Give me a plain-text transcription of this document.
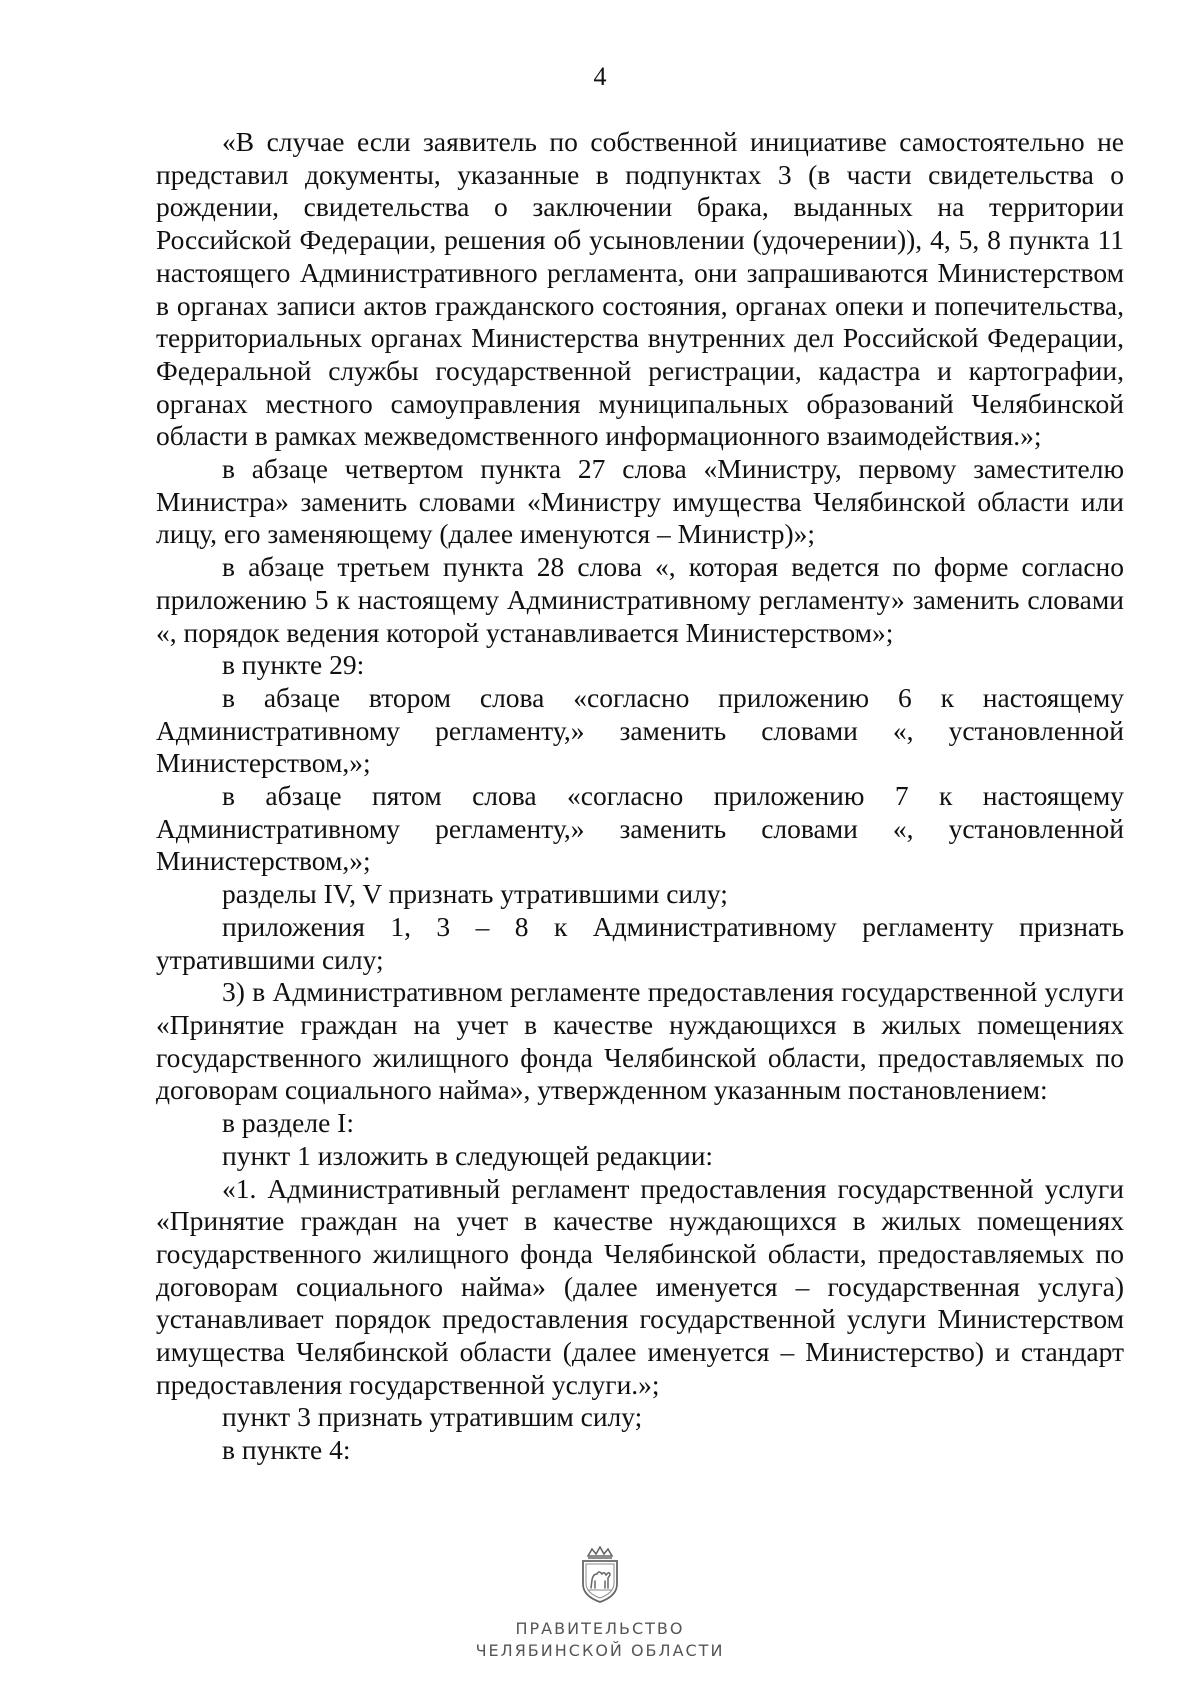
4

«В случае если заявитель по собственной инициативе самостоятельно не представил документы, указанные в подпунктах 3 (в части свидетельства о рождении, свидетельства о заключении брака, выданных на территории Российской Федерации, решения об усыновлении (удочерении)), 4, 5, 8 пункта 11 настоящего Административного регламента, они запрашиваются Министерством в органах записи актов гражданского состояния, органах опеки и попечительства, территориальных органах Министерства внутренних дел Российской Федерации, Федеральной службы государственной регистрации, кадастра и картографии, органах местного самоуправления муниципальных образований Челябинской области в рамках межведомственного информационного взаимодействия.»;

в абзаце четвертом пункта 27 слова «Министру, первому заместителю Министра» заменить словами «Министру имущества Челябинской области или лицу, его заменяющему (далее именуются – Министр)»;

в абзаце третьем пункта 28 слова «, которая ведется по форме согласно приложению 5 к настоящему Административному регламенту» заменить словами «, порядок ведения которой устанавливается Министерством»;

в пункте 29:

в абзаце втором слова «согласно приложению 6 к настоящему Административному регламенту,» заменить словами «, установленной Министерством,»;

в абзаце пятом слова «согласно приложению 7 к настоящему Административному регламенту,» заменить словами «, установленной Министерством,»;

разделы IV, V признать утратившими силу;

приложения 1, 3 – 8 к Административному регламенту признать утратившими силу;

3) в Административном регламенте предоставления государственной услуги «Принятие граждан на учет в качестве нуждающихся в жилых помещениях государственного жилищного фонда Челябинской области, предоставляемых по договорам социального найма», утвержденном указанным постановлением:

в разделе I:

пункт 1 изложить в следующей редакции:

«1. Административный регламент предоставления государственной услуги «Принятие граждан на учет в качестве нуждающихся в жилых помещениях государственного жилищного фонда Челябинской области, предоставляемых по договорам социального найма» (далее именуется – государственная услуга) устанавливает порядок предоставления государственной услуги Министерством имущества Челябинской области (далее именуется – Министерство) и стандарт предоставления государственной услуги.»;

пункт 3 признать утратившим силу;

в пункте 4:

ПРАВИТЕЛЬСТВО
ЧЕЛЯБИНСКОЙ ОБЛАСТИ
